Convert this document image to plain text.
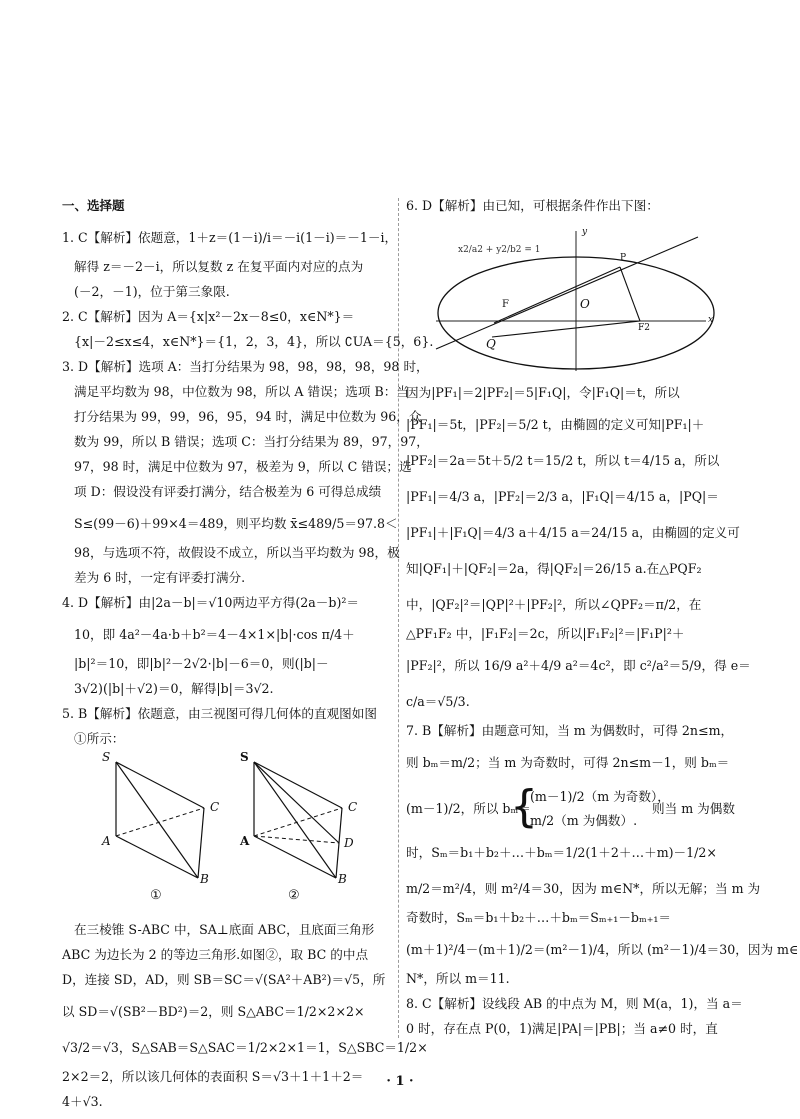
一、选择题
1. C【解析】依题意，1＋z＝(1－i)/i＝－i(1－i)＝－1－i，
解得 z＝－2－i，所以复数 z 在复平面内对应的点为
(－2，－1)，位于第三象限.
2. C【解析】因为 A＝{x|x²－2x－8≤0，x∈N*}＝
{x|－2≤x≤4，x∈N*}＝{1，2，3，4}，所以 ∁UA＝{5，6}.
3. D【解析】选项 A：当打分结果为 98，98，98，98，98 时，
满足平均数为 98，中位数为 98，所以 A 错误；选项 B：当
打分结果为 99，99，96，95，94 时，满足中位数为 96，众
数为 99，所以 B 错误；选项 C：当打分结果为 89，97，97，
97，98 时，满足中位数为 97，极差为 9，所以 C 错误；选
项 D：假设没有评委打满分，结合极差为 6 可得总成绩
S≤(99－6)＋99×4＝489，则平均数 x̄≤489/5＝97.8＜
98，与选项不符，故假设不成立，所以当平均数为 98，极
差为 6 时，一定有评委打满分.
4. D【解析】由|2a－b|＝√10两边平方得(2a－b)²＝
10，即 4a²－4a·b＋b²＝4－4×1×|b|·cos π/4＋
|b|²＝10，即|b|²－2√2·|b|－6＝0，则(|b|－
3√2)(|b|＋√2)＝0，解得|b|＝3√2.
5. B【解析】依题意，由三视图可得几何体的直观图如图
①所示：
S
C
A
B
①
S
C
D
A
B
②
在三棱锥 S-ABC 中，SA⊥底面 ABC，且底面三角形
ABC 为边长为 2 的等边三角形.如图②，取 BC 的中点
D，连接 SD，AD，则 SB＝SC＝√(SA²＋AB²)＝√5，所
以 SD＝√(SB²－BD²)＝2，则 S△ABC＝1/2×2×2×
√3/2＝√3，S△SAB＝S△SAC＝1/2×2×1＝1，S△SBC＝1/2×
2×2＝2，所以该几何体的表面积 S＝√3＋1＋1＋2＝
4＋√3.
6. D【解析】由已知，可根据条件作出下图：
x2/a2 + y2/b2 = 1
y
x
P
F	O
F2
Q
因为|PF₁|＝2|PF₂|＝5|F₁Q|，令|F₁Q|＝t，所以
|PF₁|＝5t，|PF₂|＝5/2 t，由椭圆的定义可知|PF₁|＋
|PF₂|＝2a＝5t＋5/2 t＝15/2 t，所以 t＝4/15 a，所以
|PF₁|＝4/3 a，|PF₂|＝2/3 a，|F₁Q|＝4/15 a，|PQ|＝
|PF₁|＋|F₁Q|＝4/3 a＋4/15 a＝24/15 a，由椭圆的定义可
知|QF₁|＋|QF₂|＝2a，得|QF₂|＝26/15 a.在△PQF₂
中，|QF₂|²＝|QP|²＋|PF₂|²，所以∠QPF₂＝π/2，在
△PF₁F₂ 中，|F₁F₂|＝2c，所以|F₁F₂|²＝|F₁P|²＋
|PF₂|²，所以 16/9 a²＋4/9 a²＝4c²，即 c²/a²＝5/9，得 e＝
c/a＝√5/3.
7. B【解析】由题意可知，当 m 为偶数时，可得 2n≤m，
则 bₘ＝m/2；当 m 为奇数时，可得 2n≤m－1，则 bₘ＝
(m－1)/2，所以 bₘ＝
{
(m－1)/2（m 为奇数），
m/2（m 为偶数）.
则当 m 为偶数
时，Sₘ＝b₁＋b₂＋…＋bₘ＝1/2(1＋2＋…＋m)－1/2×
m/2＝m²/4，则 m²/4＝30，因为 m∈N*，所以无解；当 m 为
奇数时，Sₘ＝b₁＋b₂＋…＋bₘ＝Sₘ₊₁－bₘ₊₁＝
(m＋1)²/4－(m＋1)/2＝(m²－1)/4，所以 (m²－1)/4＝30，因为 m∈
N*，所以 m＝11.
8. C【解析】设线段 AB 的中点为 M，则 M(a，1)，当 a＝
0 时，存在点 P(0，1)满足|PA|＝|PB|；当 a≠0 时，直
· 1 ·
